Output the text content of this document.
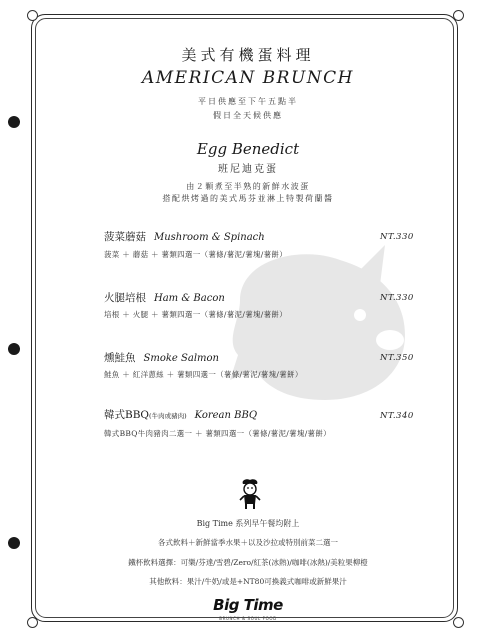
美式有機蛋料理
AMERICAN BRUNCH
平日供應至下午五點半
假日全天候供應
Egg Benedict
班尼迪克蛋
由２顆煮至半熟的新鮮水波蛋
搭配烘烤過的美式馬芬並淋上特製荷蘭醬
菠菜蘑菇 Mushroom & Spinach	NT.330
菠菜 ＋ 蘑菇 ＋ 薯類四選一（薯條/薯泥/薯塊/薯餅）
火腿培根 Ham & Bacon	NT.330
培根 ＋ 火腿 ＋ 薯類四選一（薯條/薯泥/薯塊/薯餅）
燻鮭魚 Smoke Salmon	NT.350
鮭魚 ＋ 紅洋蔥絲 ＋ 薯類四選一（薯條/薯泥/薯塊/薯餅）
韓式BBQ(牛肉或豬肉) Korean BBQ	NT.340
韓式BBQ牛肉豬肉二選一 ＋ 薯類四選一（薯條/薯泥/薯塊/薯餅）
Big Time 系列早午餐均附上
各式飲料＋新鮮當季水果＋以及沙拉或特別前菜二選一
鐵杯飲料選擇：可樂/芬達/雪碧/Zero/紅茶(冰熱)/咖啡(冰熱)/美粒果柳橙
其他飲料：果汁/牛奶/或是+NT80可換義式咖啡或新鮮果汁
Big Time
BRUNCH & SOUL FOOD
